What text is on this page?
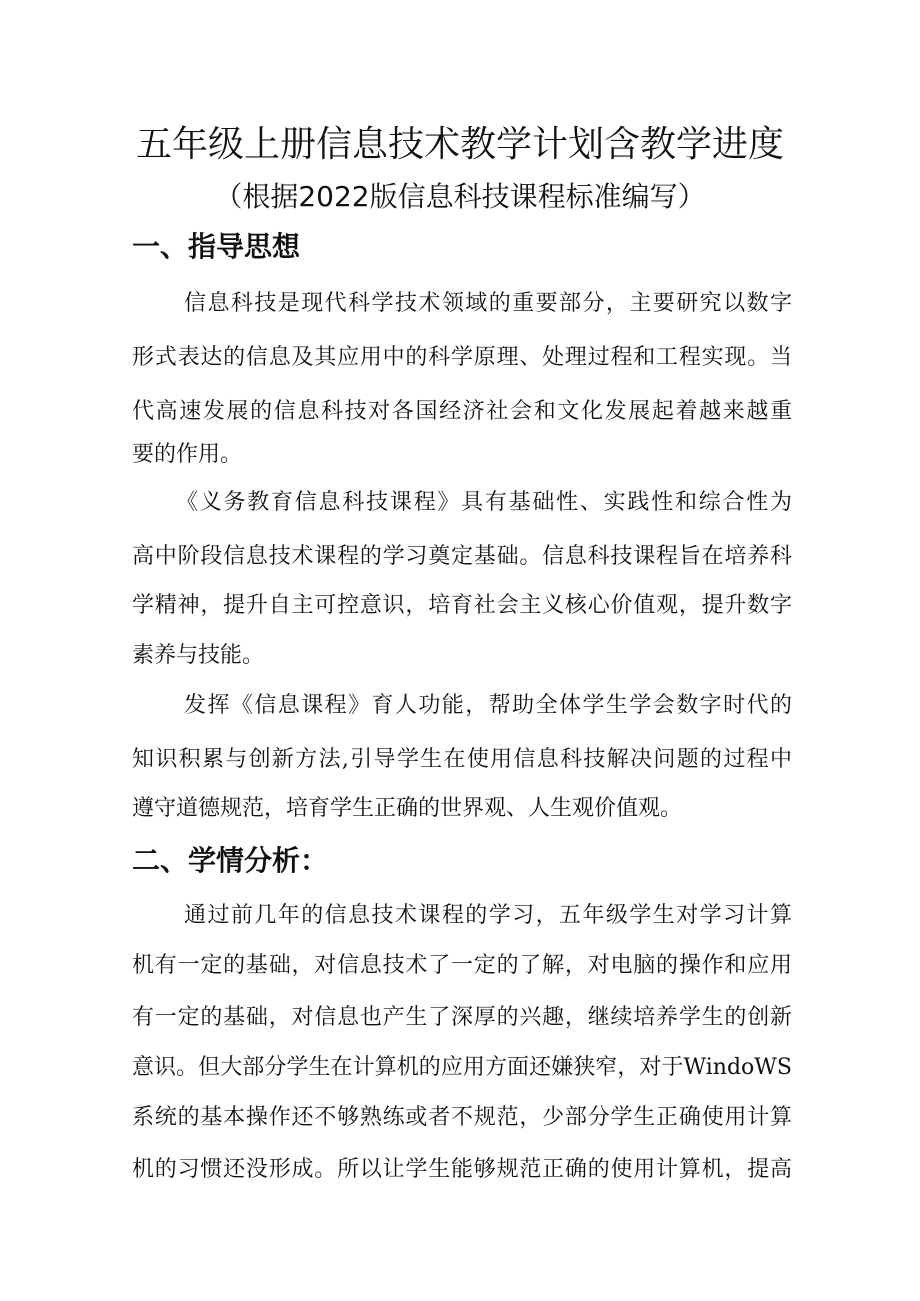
五年级上册信息技术教学计划含教学进度
（根据2022版信息科技课程标准编写）
一、指导思想
信息科技是现代科学技术领域的重要部分，主要研究以数字
形式表达的信息及其应用中的科学原理、处理过程和工程实现。当
代高速发展的信息科技对各国经济社会和文化发展起着越来越重
要的作用。
《义务教育信息科技课程》具有基础性、实践性和综合性为
高中阶段信息技术课程的学习奠定基础。信息科技课程旨在培养科
学精神，提升自主可控意识，培育社会主义核心价值观，提升数字
素养与技能。
发挥《信息课程》育人功能，帮助全体学生学会数字时代的
知识积累与创新方法,引导学生在使用信息科技解决问题的过程中
遵守道德规范，培育学生正确的世界观、人生观价值观。
二、学情分析：
通过前几年的信息技术课程的学习，五年级学生对学习计算
机有一定的基础，对信息技术了一定的了解，对电脑的操作和应用
有一定的基础，对信息也产生了深厚的兴趣，继续培养学生的创新
意识。但大部分学生在计算机的应用方面还嫌狭窄，对于WindoWS
系统的基本操作还不够熟练或者不规范，少部分学生正确使用计算
机的习惯还没形成。所以让学生能够规范正确的使用计算机，提高
